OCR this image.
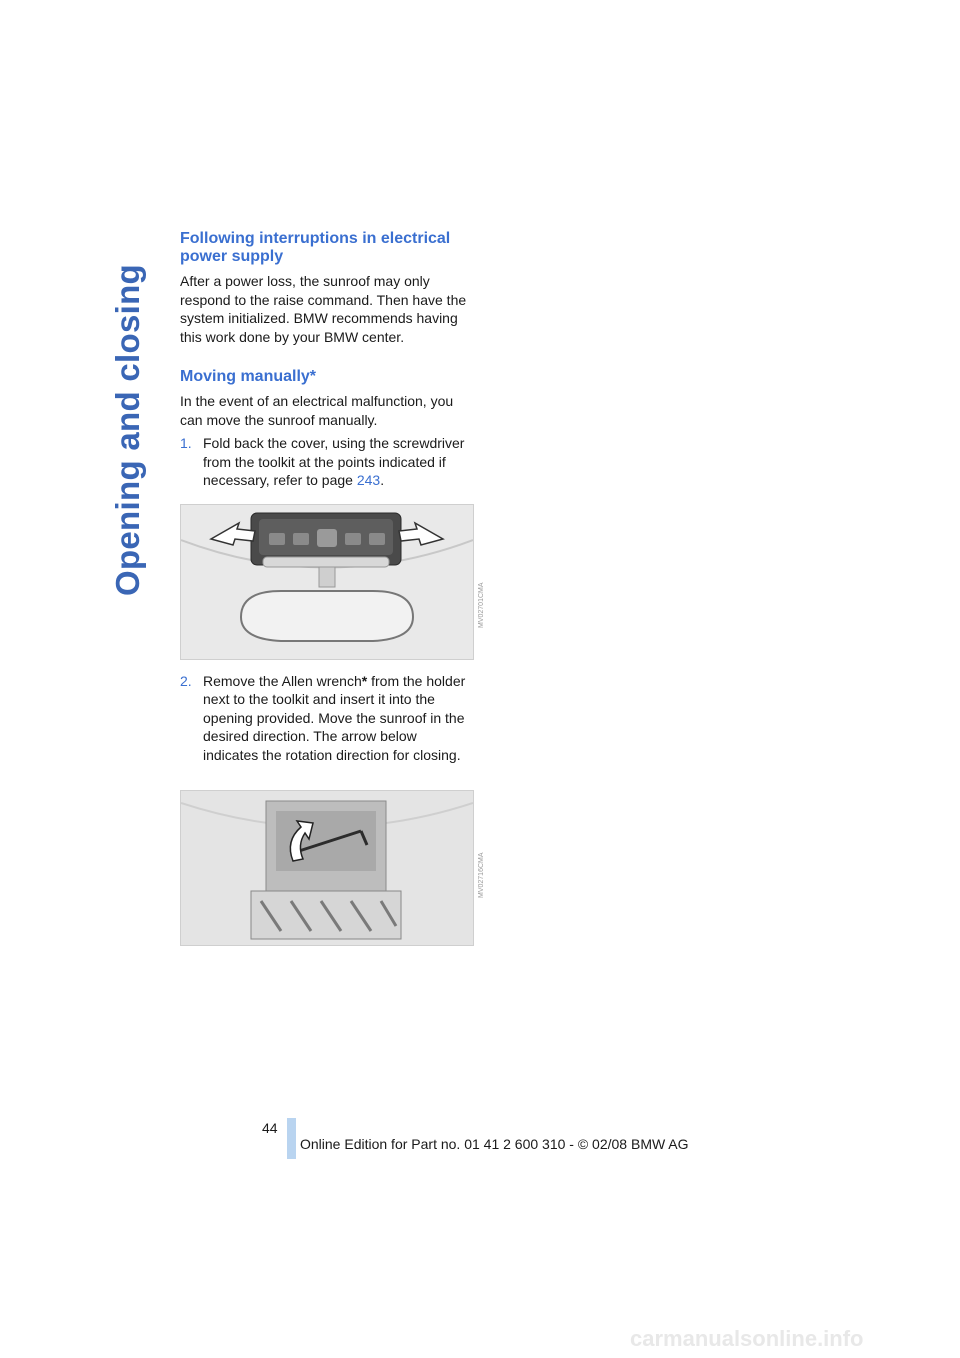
Opening and closing
Following interruptions in electrical power supply

After a power loss, the sunroof may only respond to the raise command. Then have the system initialized. BMW recommends having this work done by your BMW center.

Moving manually*

In the event of an electrical malfunction, you can move the sunroof manually.

1. Fold back the cover, using the screwdriver from the toolkit at the points indicated if necessary, refer to page 243.
2. Remove the Allen wrench* from the holder next to the toolkit and insert it into the opening provided. Move the sunroof in the desired direction. The arrow below indicates the rotation direction for closing.
MV02701CMA
MV02716CMA
44
Online Edition for Part no. 01 41 2 600 310 - © 02/08 BMW AG
carmanualsonline.info
